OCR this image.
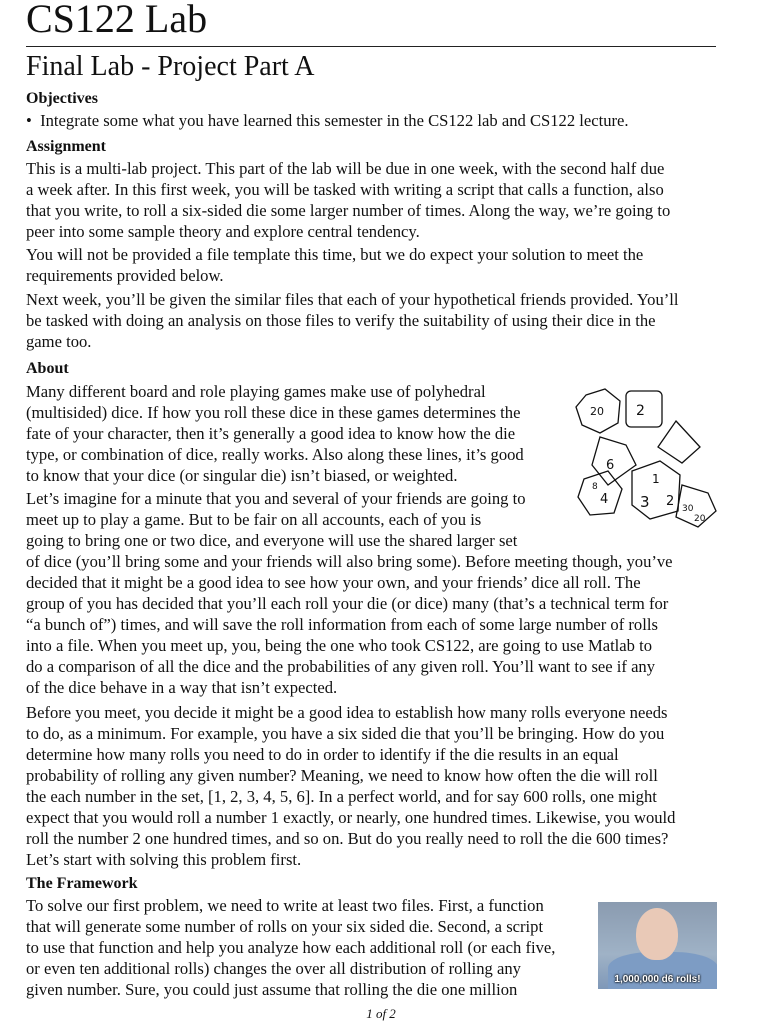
CS122 Lab
Final Lab - Project Part A
Objectives
• Integrate some what you have learned this semester in the CS122 lab and CS122 lecture.
Assignment
This is a multi-lab project. This part of the lab will be due in one week, with the second half due
a week after. In this first week, you will be tasked with writing a script that calls a function, also
that you write, to roll a six-sided die some larger number of times. Along the way, we’re going to
peer into some sample theory and explore central tendency.
You will not be provided a file template this time, but we do expect your solution to meet the
requirements provided below.
Next week, you’ll be given the similar files that each of your hypothetical friends provided. You’ll
be tasked with doing an analysis on those files to verify the suitability of using their dice in the
game too.
About
Many different board and role playing games make use of polyhedral
(multisided) dice. If how you roll these dice in these games determines the
fate of your character, then it’s generally a good idea to know how the die
type, or combination of dice, really works. Also along these lines, it’s good
to know that your dice (or singular die) isn’t biased, or weighted.
Let’s imagine for a minute that you and several of your friends are going to
meet up to play a game. But to be fair on all accounts, each of you is
going to bring one or two dice, and everyone will use the shared larger set
of dice (you’ll bring some and your friends will also bring some). Before meeting though, you’ve
decided that it might be a good idea to see how your own, and your friends’ dice all roll. The
group of you has decided that you’ll each roll your die (or dice) many (that’s a technical term for
“a bunch of”) times, and will save the roll information from each of some large number of rolls
into a file. When you meet up, you, being the one who took CS122, are going to use Matlab to
do a comparison of all the dice and the probabilities of any given roll. You’ll want to see if any
of the dice behave in a way that isn’t expected.
Before you meet, you decide it might be a good idea to establish how many rolls everyone needs
to do, as a minimum. For example, you have a six sided die that you’ll be bringing. How do you
determine how many rolls you need to do in order to identify if the die results in an equal
probability of rolling any given number? Meaning, we need to know how often the die will roll
the each number in the set, [1, 2, 3, 4, 5, 6]. In a perfect world, and for say 600 rolls, one might
expect that you would roll a number 1 exactly, or nearly, one hundred times. Likewise, you would
roll the number 2 one hundred times, and so on. But do you really need to roll the die 600 times?
Let’s start with solving this problem first.
The Framework
To solve our first problem, we need to write at least two files. First, a function
that will generate some number of rolls on your six sided die. Second, a script
to use that function and help you analyze how each additional roll (or each five,
or even ten additional rolls) changes the over all distribution of rolling any
given number. Sure, you could just assume that rolling the die one million
20 2
6
1
3 2
4
8
30
20
1,000,000 d6 rolls!
1 of 2
